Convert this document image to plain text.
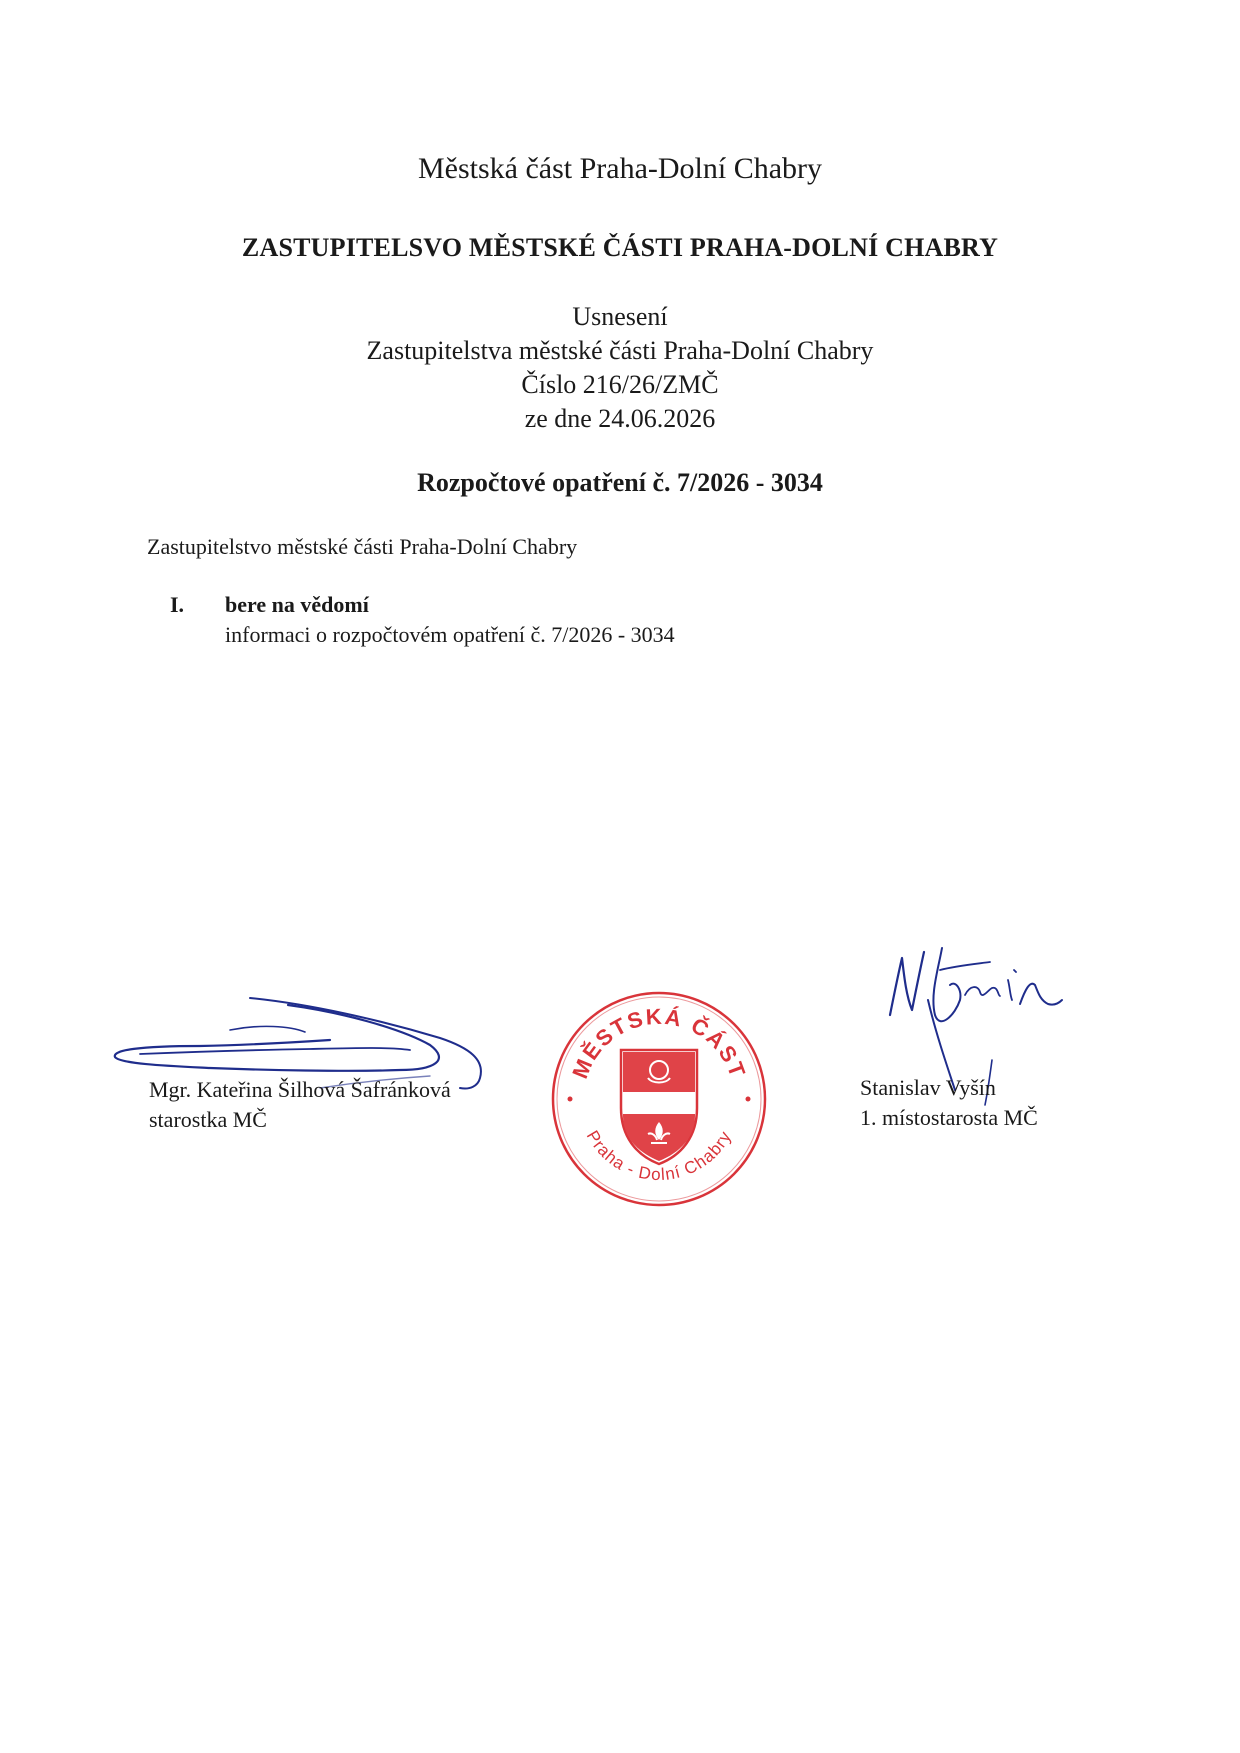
Městská část Praha-Dolní Chabry
ZASTUPITELSVO MĚSTSKÉ ČÁSTI PRAHA-DOLNÍ CHABRY
Usnesení
Zastupitelstva městské části Praha-Dolní Chabry
Číslo 216/26/ZMČ
ze dne 24.06.2026
Rozpočtové opatření č. 7/2026 - 3034
Zastupitelstvo městské části Praha-Dolní Chabry
I. bere na vědomí
informaci o rozpočtovém opatření č. 7/2026 - 3034
MĚSTSKÁ ČÁST
Praha - Dolní Chabry
Mgr. Kateřina Šilhová Šafránková
starostka MČ
Stanislav Vyšín
1. místostarosta MČ
